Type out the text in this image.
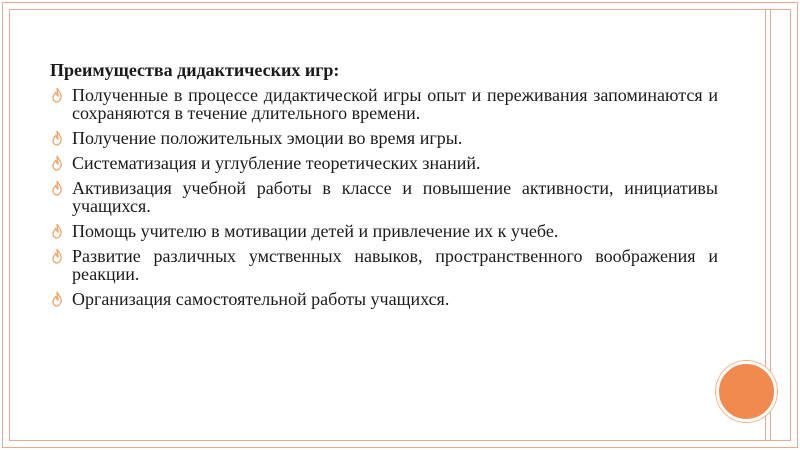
Преимущества дидактических игр:
Полученные в процессе дидактической игры опыт и переживания запоминаются и сохраняются в течение длительного времени.
Получение положительных эмоции во время игры.
Систематизация и углубление теоретических знаний.
Активизация учебной работы в классе и повышение активности, инициативы учащихся.
Помощь учителю в мотивации детей и привлечение их к учебе.
Развитие различных умственных навыков, пространственного воображения и реакции.
Организация самостоятельной работы учащихся.
